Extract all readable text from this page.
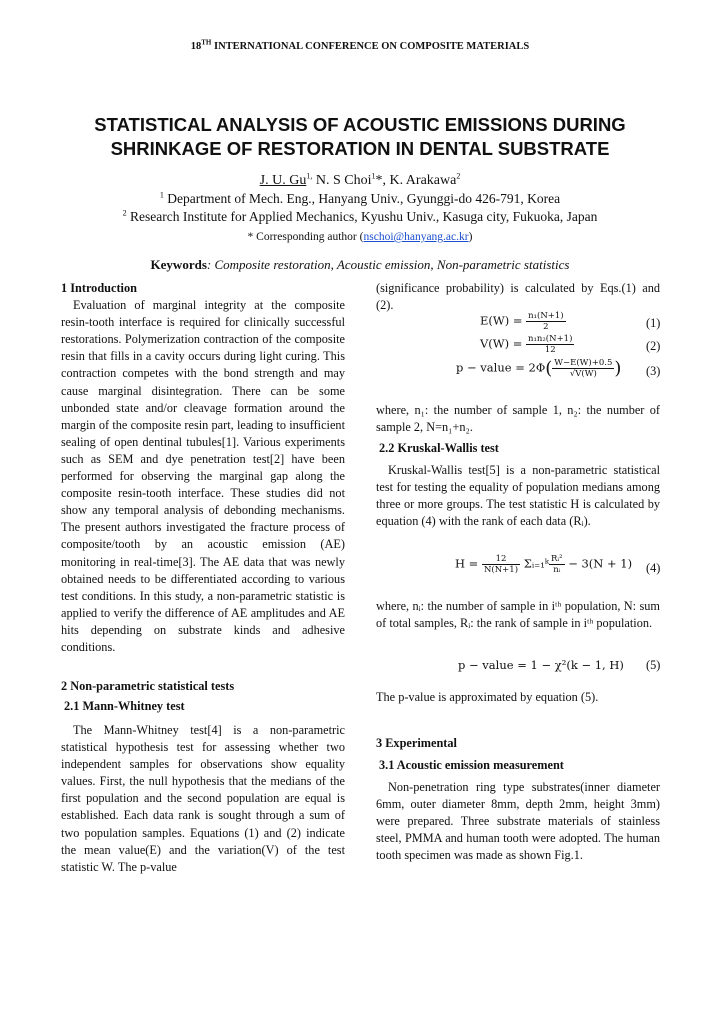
18TH INTERNATIONAL CONFERENCE ON COMPOSITE MATERIALS
STATISTICAL ANALYSIS OF ACOUSTIC EMISSIONS DURING
SHRINKAGE OF RESTORATION IN DENTAL SUBSTRATE
J. U. $Gu^{1,}$ N. S Choi$^1$*, K. Arakawa$^2$
$^1$ Department of Mech. Eng., Hanyang Univ., Gyunggi-do 426-791, Korea
$^2$ Research Institute for Applied Mechanics, Kyushu Univ., Kasuga city, Fukuoka, Japan
* Corresponding author (nschoi@hanyang.ac.kr)
Keywords: Composite restoration, Acoustic emission, Non-parametric statistics
1 Introduction

Evaluation of marginal integrity at the composite resin-tooth interface is required for clinically successful restorations. Polymerization contraction of the composite resin that fills in a cavity occurs during light curing. This contraction competes with the bond strength and may cause marginal disintegration. There can be some unbonded state and/or cleavage formation around the margin of the composite resin part, leading to insufficient sealing of open dentinal tubules[1]. Various experiments such as SEM and dye penetration test[2] have been performed for observing the marginal gap along the composite resin-tooth interface. These studies did not show any temporal analysis of debonding mechanisms. The present authors investigated the fracture process of composite/tooth by an acoustic emission (AE) monitoring in real-time[3]. The AE data that was newly obtained needs to be differentiated according to various test conditions. In this study, a non-parametric statistic is applied to verify the difference of AE amplitudes and AE hits depending on substrate kinds and adhesive conditions.

2 Non-parametric statistical tests
2.1 Mann-Whitney test

The Mann-Whitney test[4] is a non-parametric statistical hypothesis test for assessing whether two independent samples for observations show equality values. First, the null hypothesis that the medians of the first population and the second population are equal is established. Each data rank is sought through a sum of two population samples. Equations (1) and (2) indicate the mean value(E) and the variation(V) of the test statistic W. The p-value

(significance probability) is calculated by Eqs.(1) and (2).
$E(W) = \frac{\text{n₁(N+1)}}{2}$	(1)
$V(W) = \frac{\text{n₁n₂(N+1)}}{12}$	(2)
p − value = $2\Phi( \frac{W-E(W)+0.5}{√V(W)}$ ) (3)
where, n₁: the number of sample 1, n₂: the number of sample 2, N=n₁+n₂.
2.2 Kruskal-Wallis test

Kruskal-Wallis test[5] is a non-parametric statistical test for testing the equality of population medians among three or more groups. The test statistic H is calculated by equation (4) with the rank of each data (Rᵢ).

$H = \frac{12}{N(N+1)}$ Σᵢ₌₁ᵏ $\frac{\text{Rᵢ²}}{\text{nᵢ}} - 3(N + 1)$ (4)
where, nᵢ: the number of sample in iᵗʰ population, N: sum of total samples, Rᵢ: the rank of sample in iᵗʰ population.
p − value = 1 − χ²(k − 1, H) (5)
The p-value is approximated by equation (5).
3 Experimental
3.1 Acoustic emission measurement

Non-penetration ring type substrates(inner diameter 6mm, outer diameter 8mm, depth 2mm, height 3mm) were prepared. Three substrate materials of stainless steel, PMMA and human tooth were adopted. The human tooth specimen was made as shown Fig.1.
